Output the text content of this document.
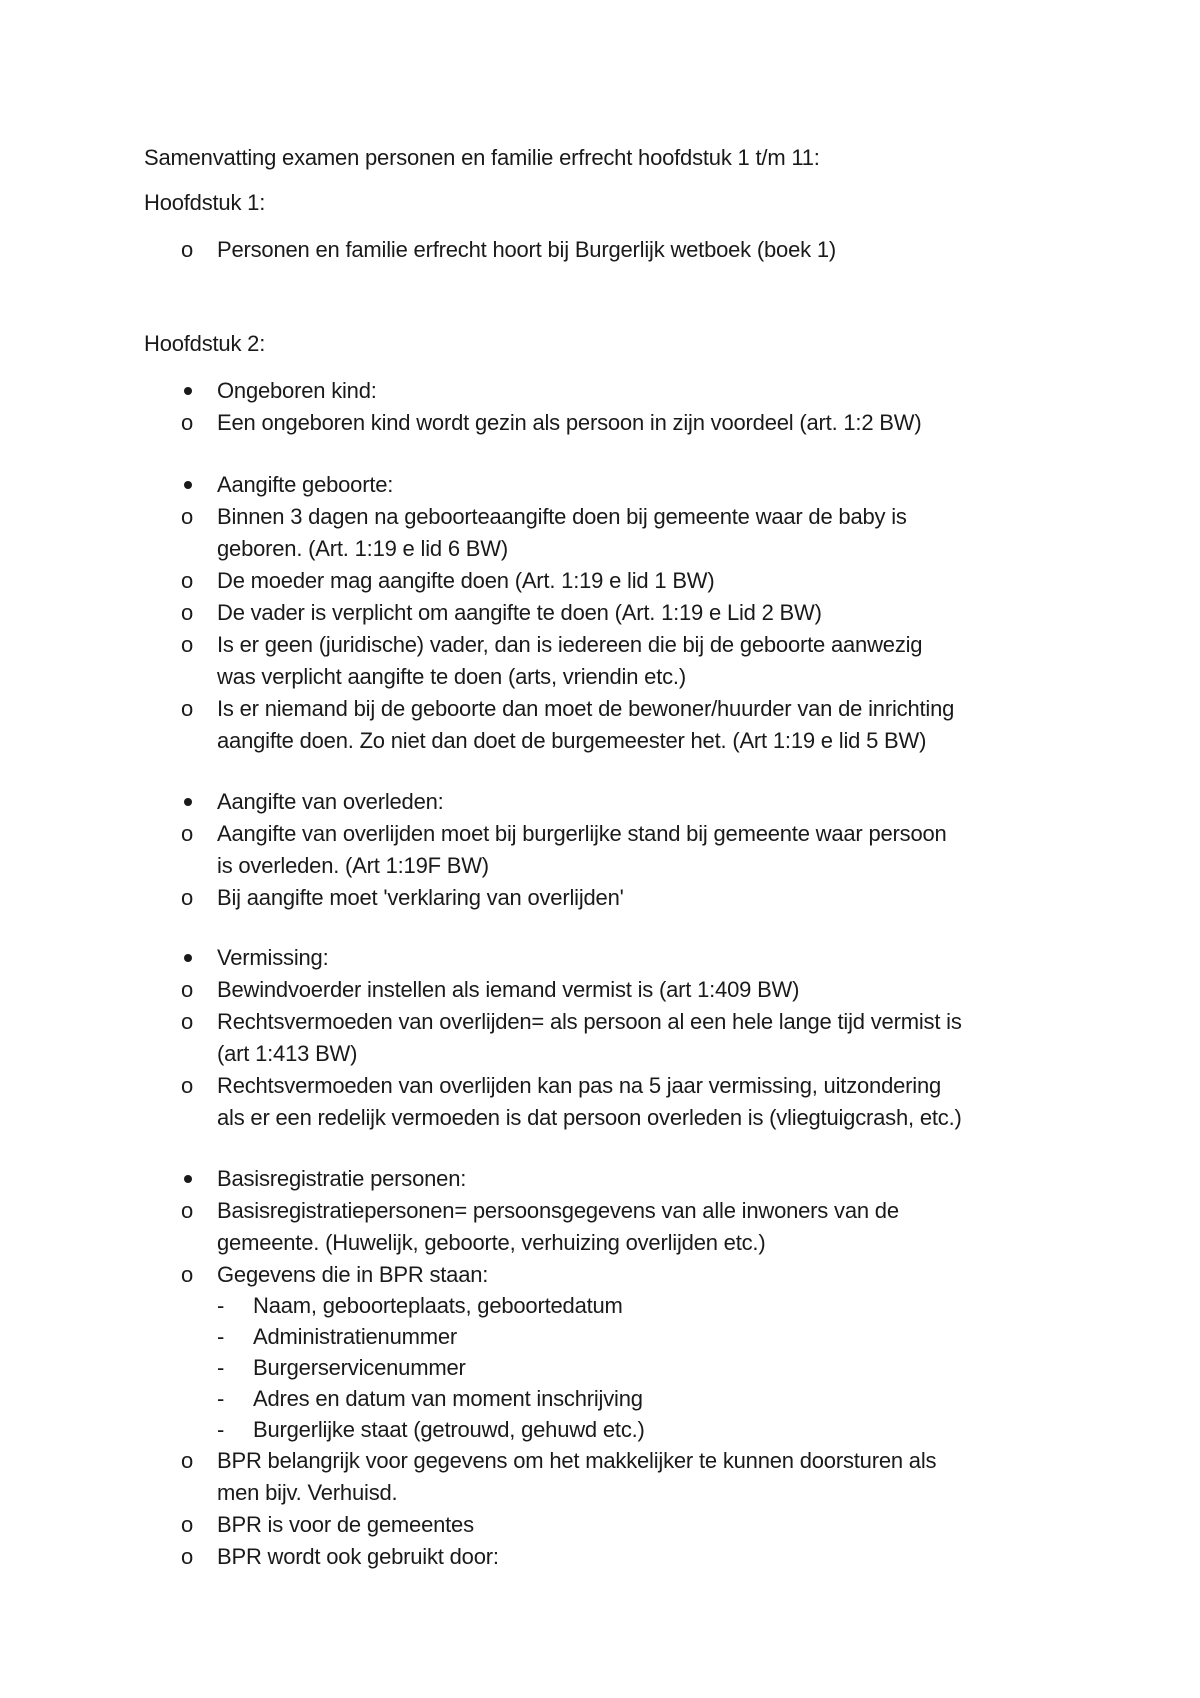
Samenvatting examen personen en familie erfrecht hoofdstuk 1 t/m 11:
Hoofdstuk 1:
o Personen en familie erfrecht hoort bij Burgerlijk wetboek (boek 1)
Hoofdstuk 2:
Ongeboren kind:
o Een ongeboren kind wordt gezin als persoon in zijn voordeel (art. 1:2 BW)
Aangifte geboorte:
o Binnen 3 dagen na geboorteaangifte doen bij gemeente waar de baby is
geboren. (Art. 1:19 e lid 6 BW)
o De moeder mag aangifte doen (Art. 1:19 e lid 1 BW)
o De vader is verplicht om aangifte te doen (Art. 1:19 e Lid 2 BW)
o Is er geen (juridische) vader, dan is iedereen die bij de geboorte aanwezig
was verplicht aangifte te doen (arts, vriendin etc.)
o Is er niemand bij de geboorte dan moet de bewoner/huurder van de inrichting
aangifte doen. Zo niet dan doet de burgemeester het. (Art 1:19 e lid 5 BW)
Aangifte van overleden:
o Aangifte van overlijden moet bij burgerlijke stand bij gemeente waar persoon
is overleden. (Art 1:19F BW)
o Bij aangifte moet 'verklaring van overlijden'
Vermissing:
o Bewindvoerder instellen als iemand vermist is (art 1:409 BW)
o Rechtsvermoeden van overlijden= als persoon al een hele lange tijd vermist is
(art 1:413 BW)
o Rechtsvermoeden van overlijden kan pas na 5 jaar vermissing, uitzondering
als er een redelijk vermoeden is dat persoon overleden is (vliegtuigcrash, etc.)
Basisregistratie personen:
o Basisregistratiepersonen= persoonsgegevens van alle inwoners van de
gemeente. (Huwelijk, geboorte, verhuizing overlijden etc.)
o Gegevens die in BPR staan:
- Naam, geboorteplaats, geboortedatum
- Administratienummer
- Burgerservicenummer
- Adres en datum van moment inschrijving
- Burgerlijke staat (getrouwd, gehuwd etc.)
o BPR belangrijk voor gegevens om het makkelijker te kunnen doorsturen als
men bijv. Verhuisd.
o BPR is voor de gemeentes
o BPR wordt ook gebruikt door:
